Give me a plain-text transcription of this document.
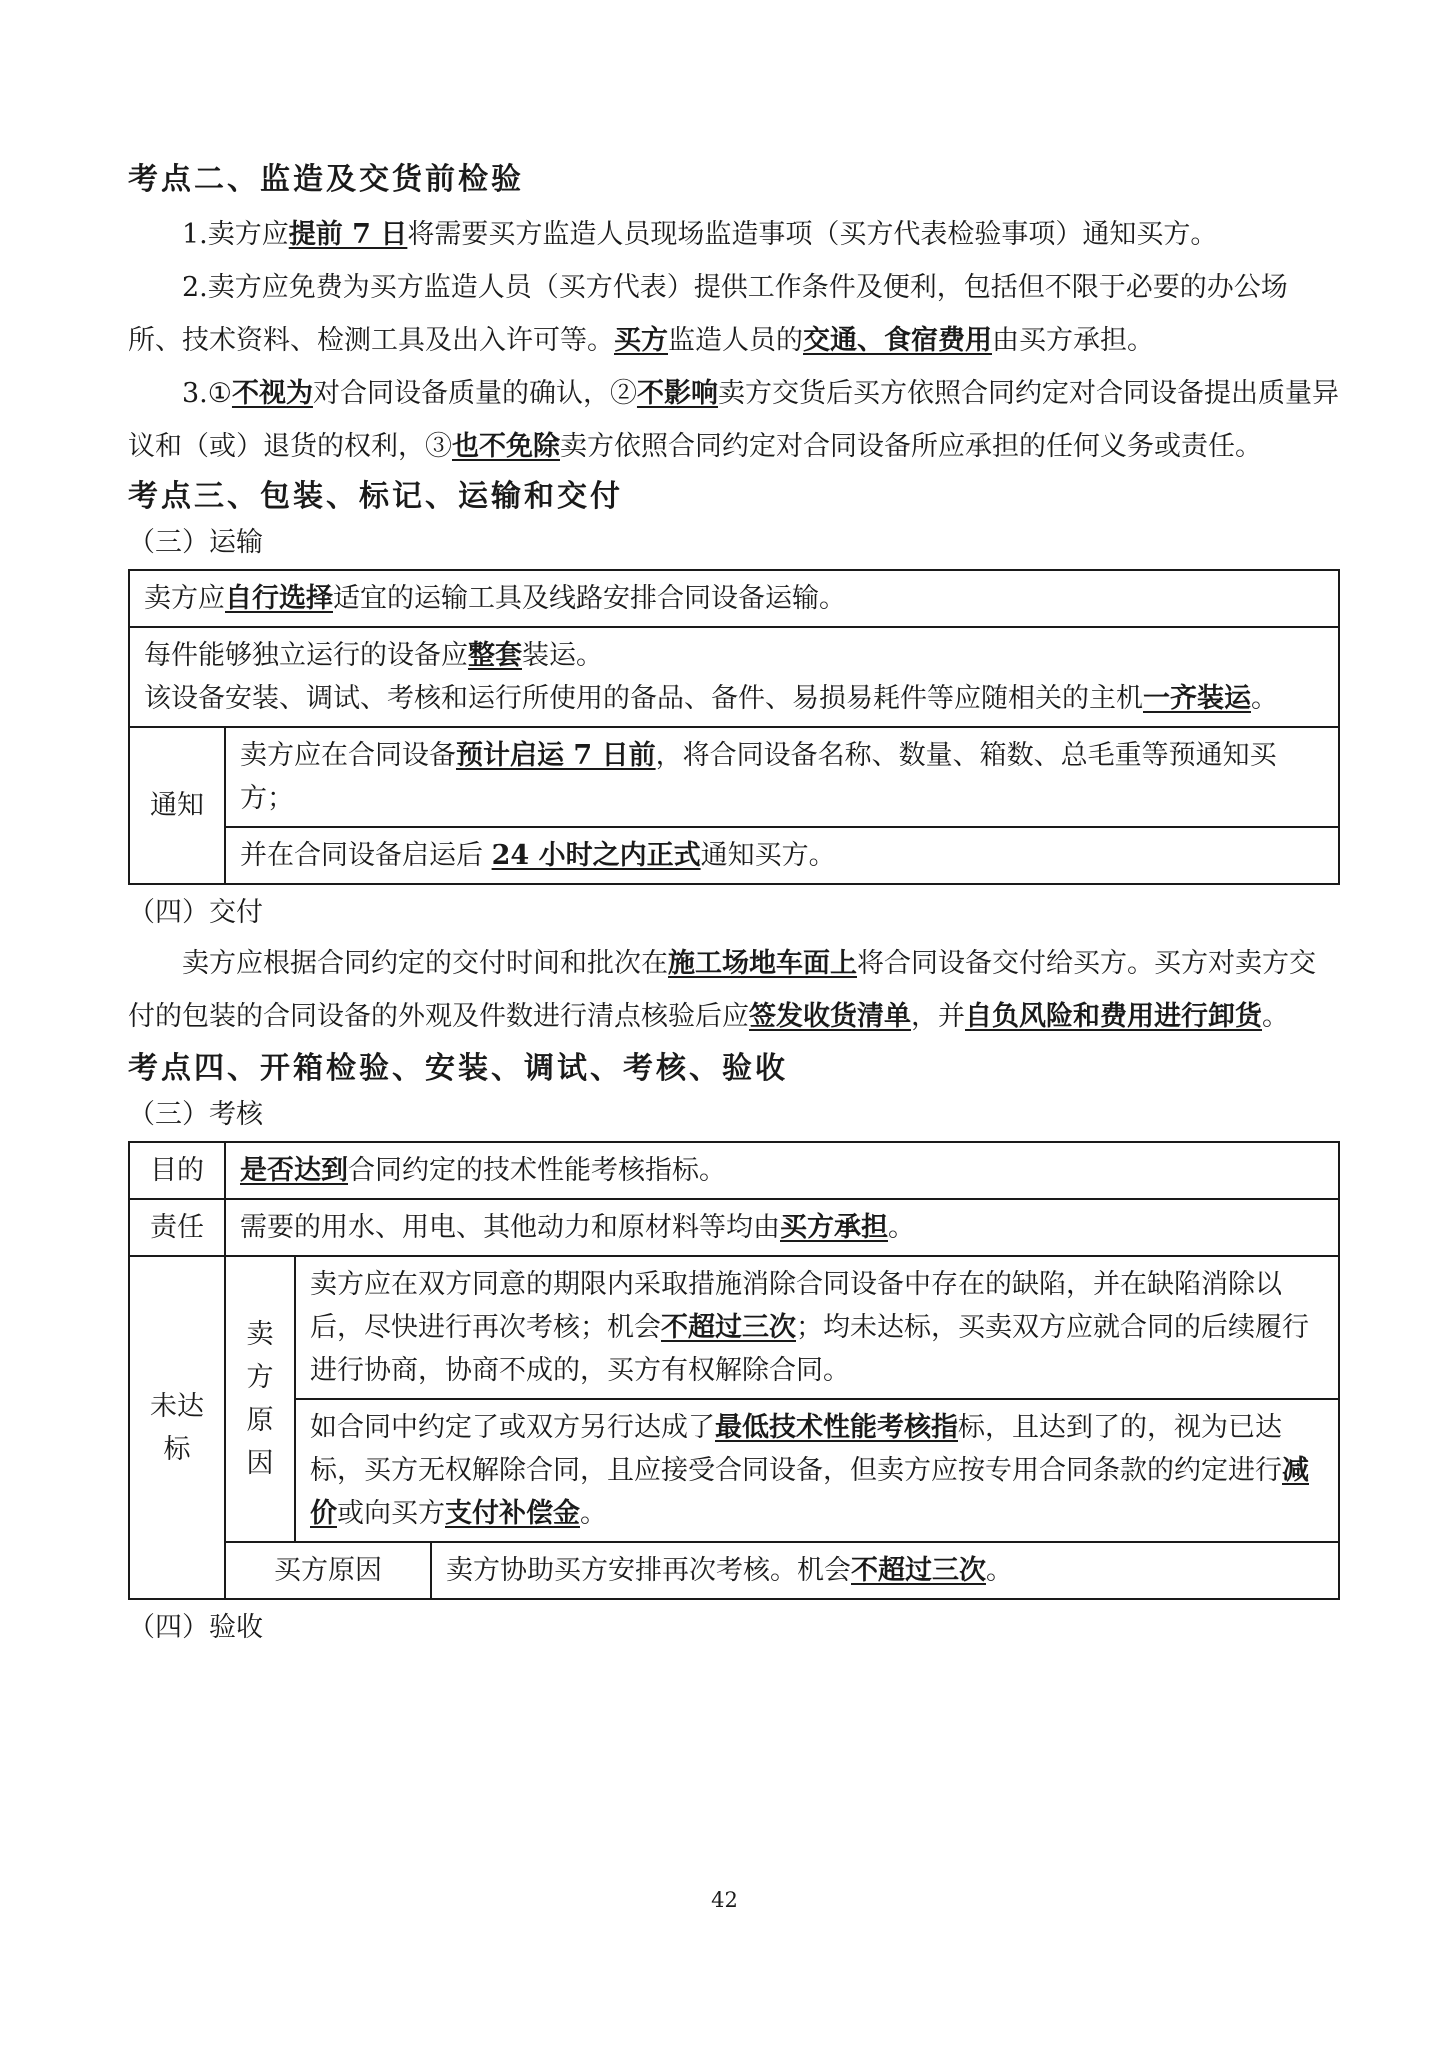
考点二、监造及交货前检验

1.卖方应提前 7 日将需要买方监造人员现场监造事项（买方代表检验事项）通知买方。

2.卖方应免费为买方监造人员（买方代表）提供工作条件及便利，包括但不限于必要的办公场所、技术资料、检测工具及出入许可等。买方监造人员的交通、食宿费用由买方承担。

3.①不视为对合同设备质量的确认，②不影响卖方交货后买方依照合同约定对合同设备提出质量异议和（或）退货的权利，③也不免除卖方依照合同约定对合同设备所应承担的任何义务或责任。

考点三、包装、标记、运输和交付

（三）运输

卖方应自行选择适宜的运输工具及线路安排合同设备运输。
每件能够独立运行的设备应整套装运。
该设备安装、调试、考核和运行所使用的备品、备件、易损易耗件等应随相关的主机一齐装运。
通知	卖方应在合同设备预计启运 7 日前，将合同设备名称、数量、箱数、总毛重等预通知买方；
并在合同设备启运后 24 小时之内正式通知买方。

（四）交付

卖方应根据合同约定的交付时间和批次在施工场地车面上将合同设备交付给买方。买方对卖方交付的包装的合同设备的外观及件数进行清点核验后应签发收货清单，并自负风险和费用进行卸货。

考点四、开箱检验、安装、调试、考核、验收

（三）考核

目的	是否达到合同约定的技术性能考核指标。		
责任	需要的用水、用电、其他动力和原材料等均由买方承担。		

未达标	卖方原因	卖方应在双方同意的期限内采取措施消除合同设备中存在的缺陷，并在缺陷消除以后，尽快进行再次考核；机会不超过三次；均未达标，买卖双方应就合同的后续履行进行协商，协商不成的，买方有权解除合同。	
		如合同中约定了或双方另行达成了最低技术性能考核指标，且达到了的，视为已达标，买方无权解除合同，且应接受合同设备，但卖方应按专用合同条款的约定进行减价或向买方支付补偿金。	
	买方原因		卖方协助买方安排再次考核。机会不超过三次。

（四）验收

42
